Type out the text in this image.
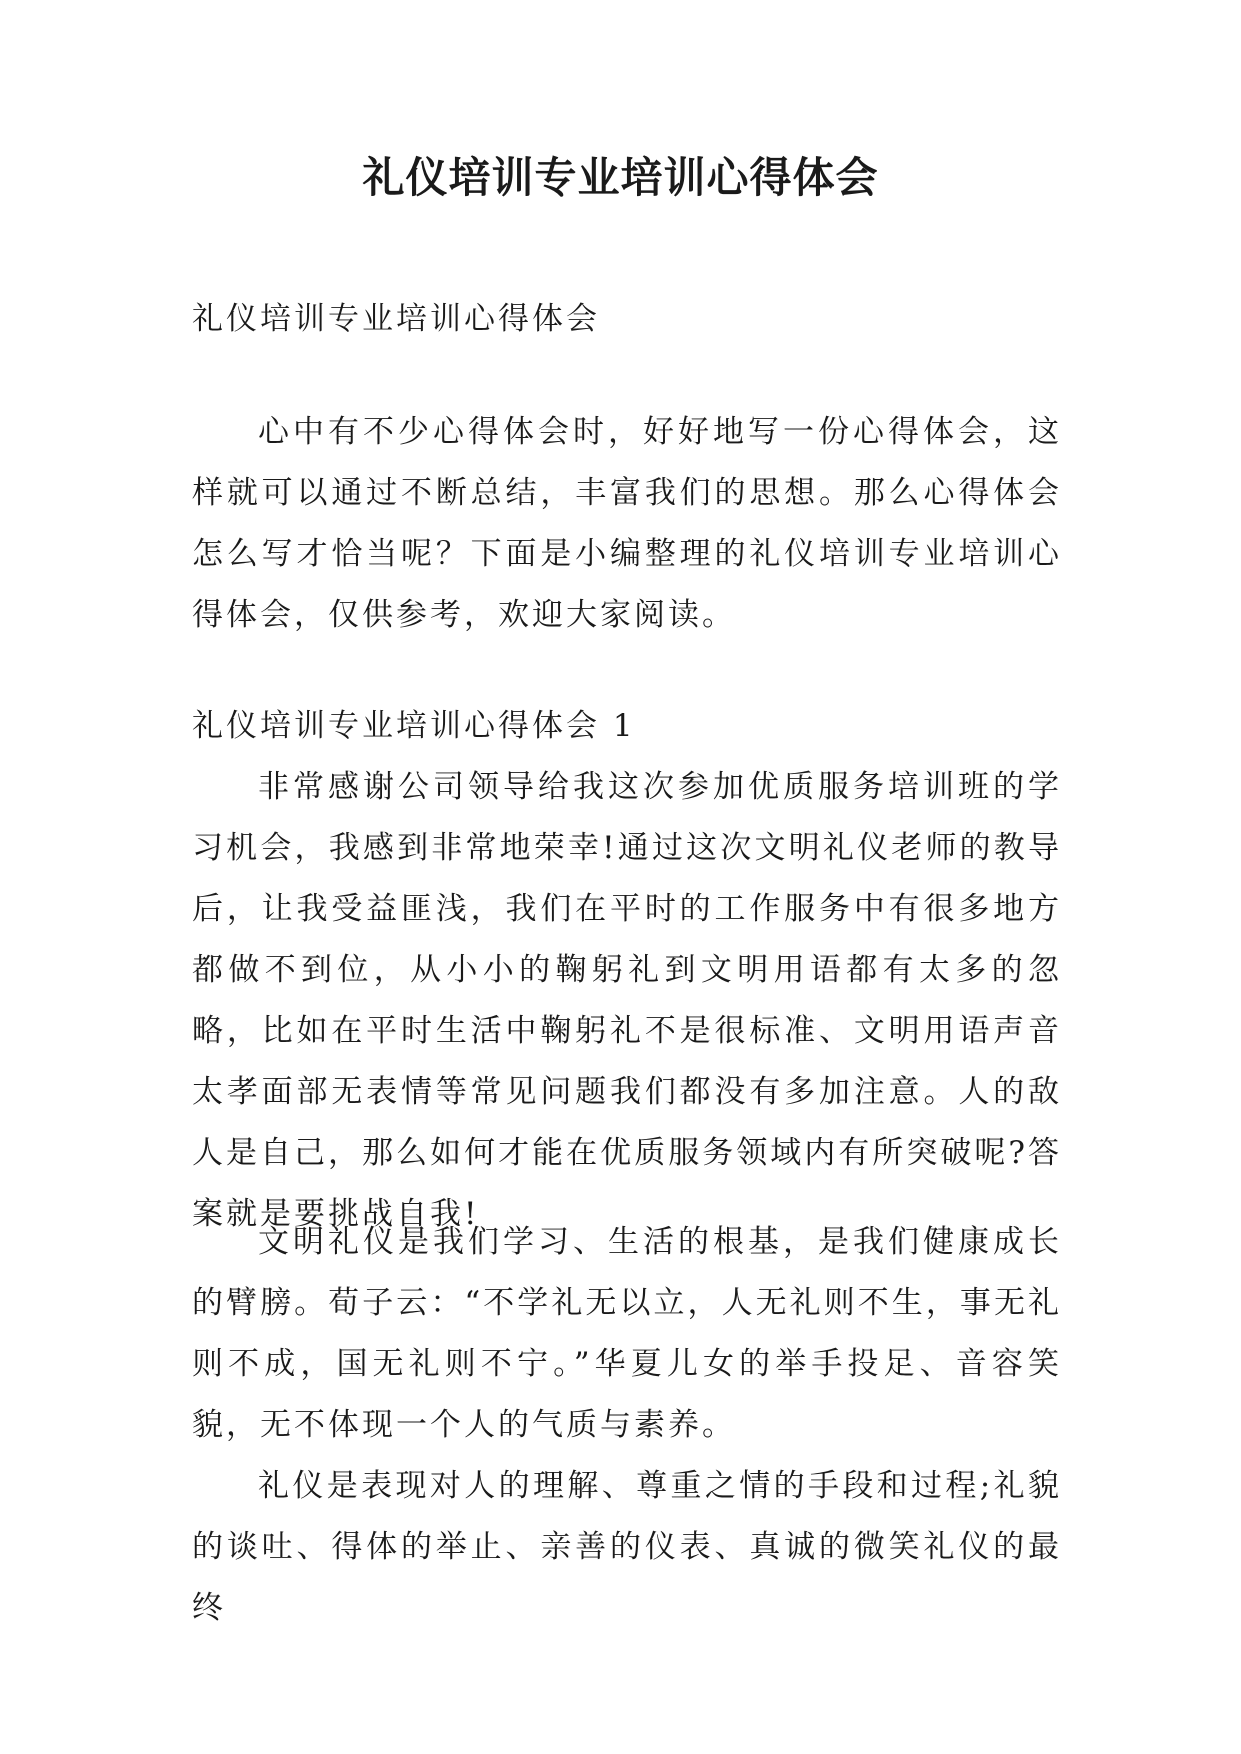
礼仪培训专业培训心得体会

礼仪培训专业培训心得体会

心中有不少心得体会时，好好地写一份心得体会，这样就可以通过不断总结，丰富我们的思想。那么心得体会怎么写才恰当呢？下面是小编整理的礼仪培训专业培训心得体会，仅供参考，欢迎大家阅读。

礼仪培训专业培训心得体会 1

非常感谢公司领导给我这次参加优质服务培训班的学习机会，我感到非常地荣幸!通过这次文明礼仪老师的教导后，让我受益匪浅，我们在平时的工作服务中有很多地方都做不到位，从小小的鞠躬礼到文明用语都有太多的忽略，比如在平时生活中鞠躬礼不是很标准、文明用语声音太孝面部无表情等常见问题我们都没有多加注意。人的敌人是自己，那么如何才能在优质服务领域内有所突破呢?答案就是要挑战自我!

文明礼仪是我们学习、生活的根基，是我们健康成长的臂膀。荀子云：“不学礼无以立，人无礼则不生，事无礼则不成，国无礼则不宁。”华夏儿女的举手投足、音容笑貌，无不体现一个人的气质与素养。

礼仪是表现对人的理解、尊重之情的手段和过程;礼貌的谈吐、得体的举止、亲善的仪表、真诚的微笑礼仪的最终
